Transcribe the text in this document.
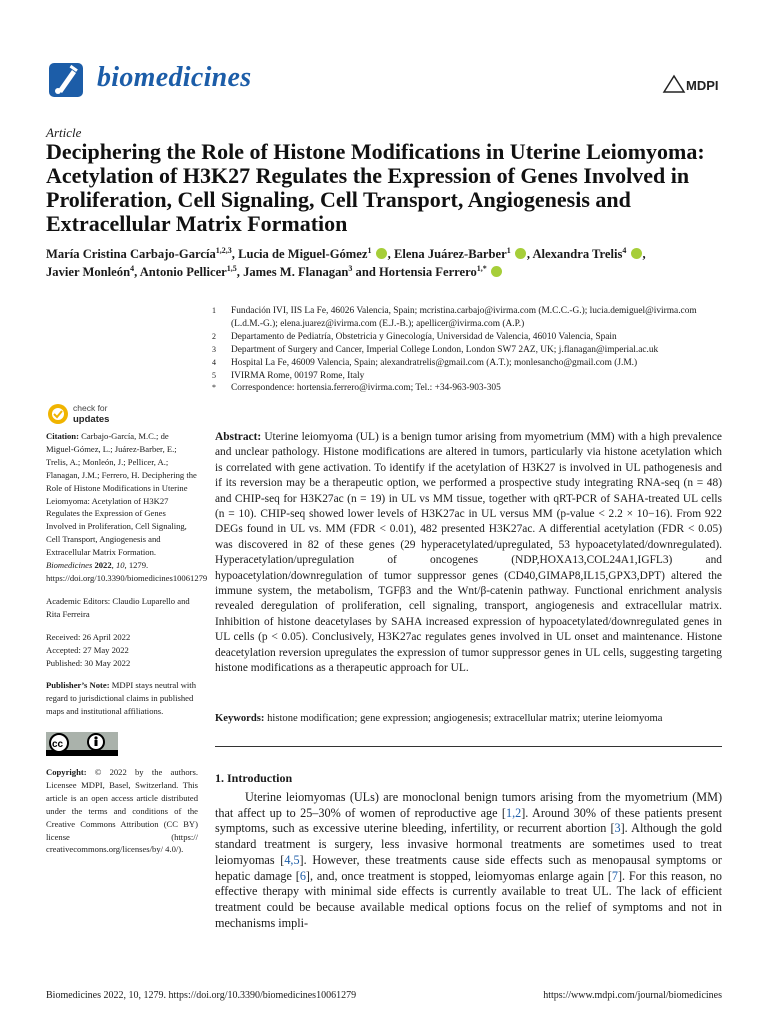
biomedicines	MDPI
Article
Deciphering the Role of Histone Modifications in Uterine Leiomyoma: Acetylation of H3K27 Regulates the Expression of Genes Involved in Proliferation, Cell Signaling, Cell Transport, Angiogenesis and Extracellular Matrix Formation
María Cristina Carbajo-García$^{1,2,3}$, Lucia de Miguel-Gómez$^1$ , Elena Juárez-Barber$^1$ , Alexandra Trelis$^4$ ,
Javier Monleón$^4$, Antonio Pellicer$^{1,5}$, James M. Flanagan$^3$ and Hortensia Ferrero$^{1,*}$
1	Fundación IVI, IIS La Fe, 46026 Valencia, Spain; mcristina.carbajo@ivirma.com (M.C.C.-G.); lucia.demiguel@ivirma.com (L.d.M.-G.); elena.juarez@ivirma.com (E.J.-B.); apellicer@ivirma.com (A.P.)
2	Departamento de Pediatría, Obstetricia y Ginecología, Universidad de Valencia, 46010 Valencia, Spain
3	Department of Surgery and Cancer, Imperial College London, London SW7 2AZ, UK; j.flanagan@imperial.ac.uk
4	Hospital La Fe, 46009 Valencia, Spain; alexandratrelis@gmail.com (A.T.); monlesancho@gmail.com (J.M.)
5	IVIRMA Rome, 00197 Rome, Italy
*	Correspondence: hortensia.ferrero@ivirma.com; Tel.: +34-963-903-305
check for
updates
Citation: Carbajo-García, M.C.; de Miguel-Gómez, L.; Juárez-Barber, E.; Trelis, A.; Monleón, J.; Pellicer, A.; Flanagan, J.M.; Ferrero, H. Deciphering the Role of Histone Modifications in Uterine Leiomyoma: Acetylation of H3K27 Regulates the Expression of Genes Involved in Proliferation, Cell Signaling, Cell Transport, Angiogenesis and Extracellular Matrix Formation. Biomedicines 2022, 10, 1279. https://doi.org/10.3390/biomedicines10061279
Academic Editors: Claudio Luparello and Rita Ferreira
Received: 26 April 2022
Accepted: 27 May 2022
Published: 30 May 2022
Publisher’s Note: MDPI stays neutral with regard to jurisdictional claims in published maps and institutional affiliations.
cc
Copyright: © 2022 by the authors. Licensee MDPI, Basel, Switzerland. This article is an open access article distributed under the terms and conditions of the Creative Commons Attribution (CC BY) license (https:// creativecommons.org/licenses/by/ 4.0/).
Abstract: Uterine leiomyoma (UL) is a benign tumor arising from myometrium (MM) with a high prevalence and unclear pathology. Histone modifications are altered in tumors, particularly via histone acetylation which is correlated with gene activation. To identify if the acetylation of H3K27 is involved in UL pathogenesis and if its reversion may be a therapeutic option, we performed a prospective study integrating RNA-seq (n = 48) and CHIP-seq for H3K27ac (n = 19) in UL vs MM tissue, together with qRT-PCR of SAHA-treated UL cells (n = 10). CHIP-seq showed lower levels of H3K27ac in UL versus MM (p-value < 2.2 × 10−16). From 922 DEGs found in UL vs. MM (FDR < 0.01), 482 presented H3K27ac. A differential acetylation (FDR < 0.05) was discovered in 82 of these genes (29 hyperacetylated/upregulated, 53 hypoacetylated/downregulated). Hyperacetylation/upregulation of oncogenes (NDP,HOXA13,COL24A1,IGFL3) and hypoacetylation/downregulation of tumor suppressor genes (CD40,GIMAP8,IL15,GPX3,DPT) altered the immune system, the metabolism, TGFβ3 and the Wnt/β-catenin pathway. Functional enrichment analysis revealed deregulation of proliferation, cell signaling, transport, angiogenesis and extracellular matrix. Inhibition of histone deacetylases by SAHA increased expression of hypoacetylated/downregulated genes in UL cells (p < 0.05). Conclusively, H3K27ac regulates genes involved in UL onset and maintenance. Histone deacetylation reversion upregulates the expression of tumor suppressor genes in UL cells, suggesting targeting histone modifications as a therapeutic approach for UL.
Keywords: histone modification; gene expression; angiogenesis; extracellular matrix; uterine leiomyoma
1. Introduction
Uterine leiomyomas (ULs) are monoclonal benign tumors arising from the myometrium (MM) that affect up to 25–30% of women of reproductive age [1,2]. Around 30% of these patients present symptoms, such as excessive uterine bleeding, infertility, or recurrent abortion [3]. Although the gold standard treatment is surgery, less invasive hormonal treatments are sometimes used to treat leiomyomas [4,5]. However, these treatments cause side effects such as menopausal symptoms or hepatic damage [6], and, once treatment is stopped, leiomyomas enlarge again [7]. For this reason, no effective therapy with minimal side effects is currently available to treat UL. The lack of efficient treatment could be because available medical options focus on the relief of symptoms and not in mechanisms impli-
Biomedicines 2022, 10, 1279. https://doi.org/10.3390/biomedicines10061279	https://www.mdpi.com/journal/biomedicines
